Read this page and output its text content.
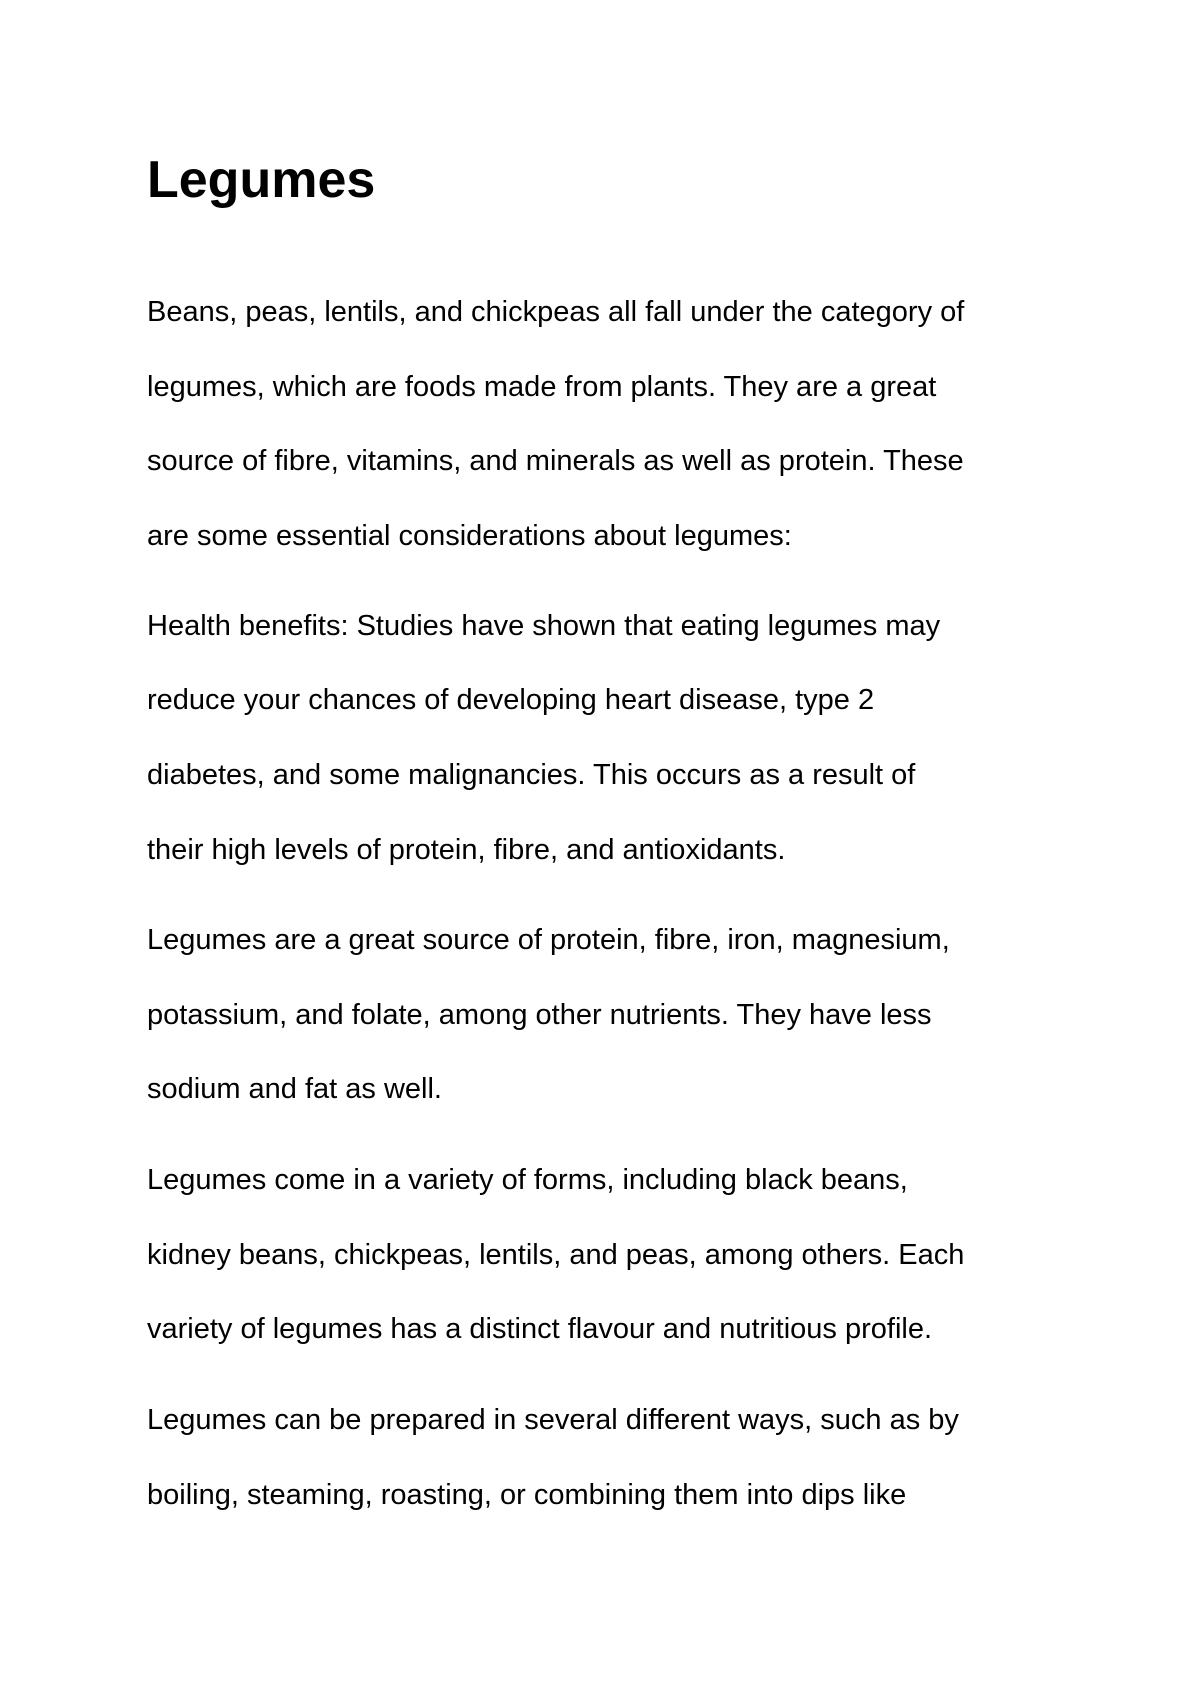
Legumes

Beans, peas, lentils, and chickpeas all fall under the category of

legumes, which are foods made from plants. They are a great

source of fibre, vitamins, and minerals as well as protein. These

are some essential considerations about legumes:

Health benefits: Studies have shown that eating legumes may

reduce your chances of developing heart disease, type 2

diabetes, and some malignancies. This occurs as a result of

their high levels of protein, fibre, and antioxidants.

Legumes are a great source of protein, fibre, iron, magnesium,

potassium, and folate, among other nutrients. They have less

sodium and fat as well.

Legumes come in a variety of forms, including black beans,

kidney beans, chickpeas, lentils, and peas, among others. Each

variety of legumes has a distinct flavour and nutritious profile.

Legumes can be prepared in several different ways, such as by

boiling, steaming, roasting, or combining them into dips like
